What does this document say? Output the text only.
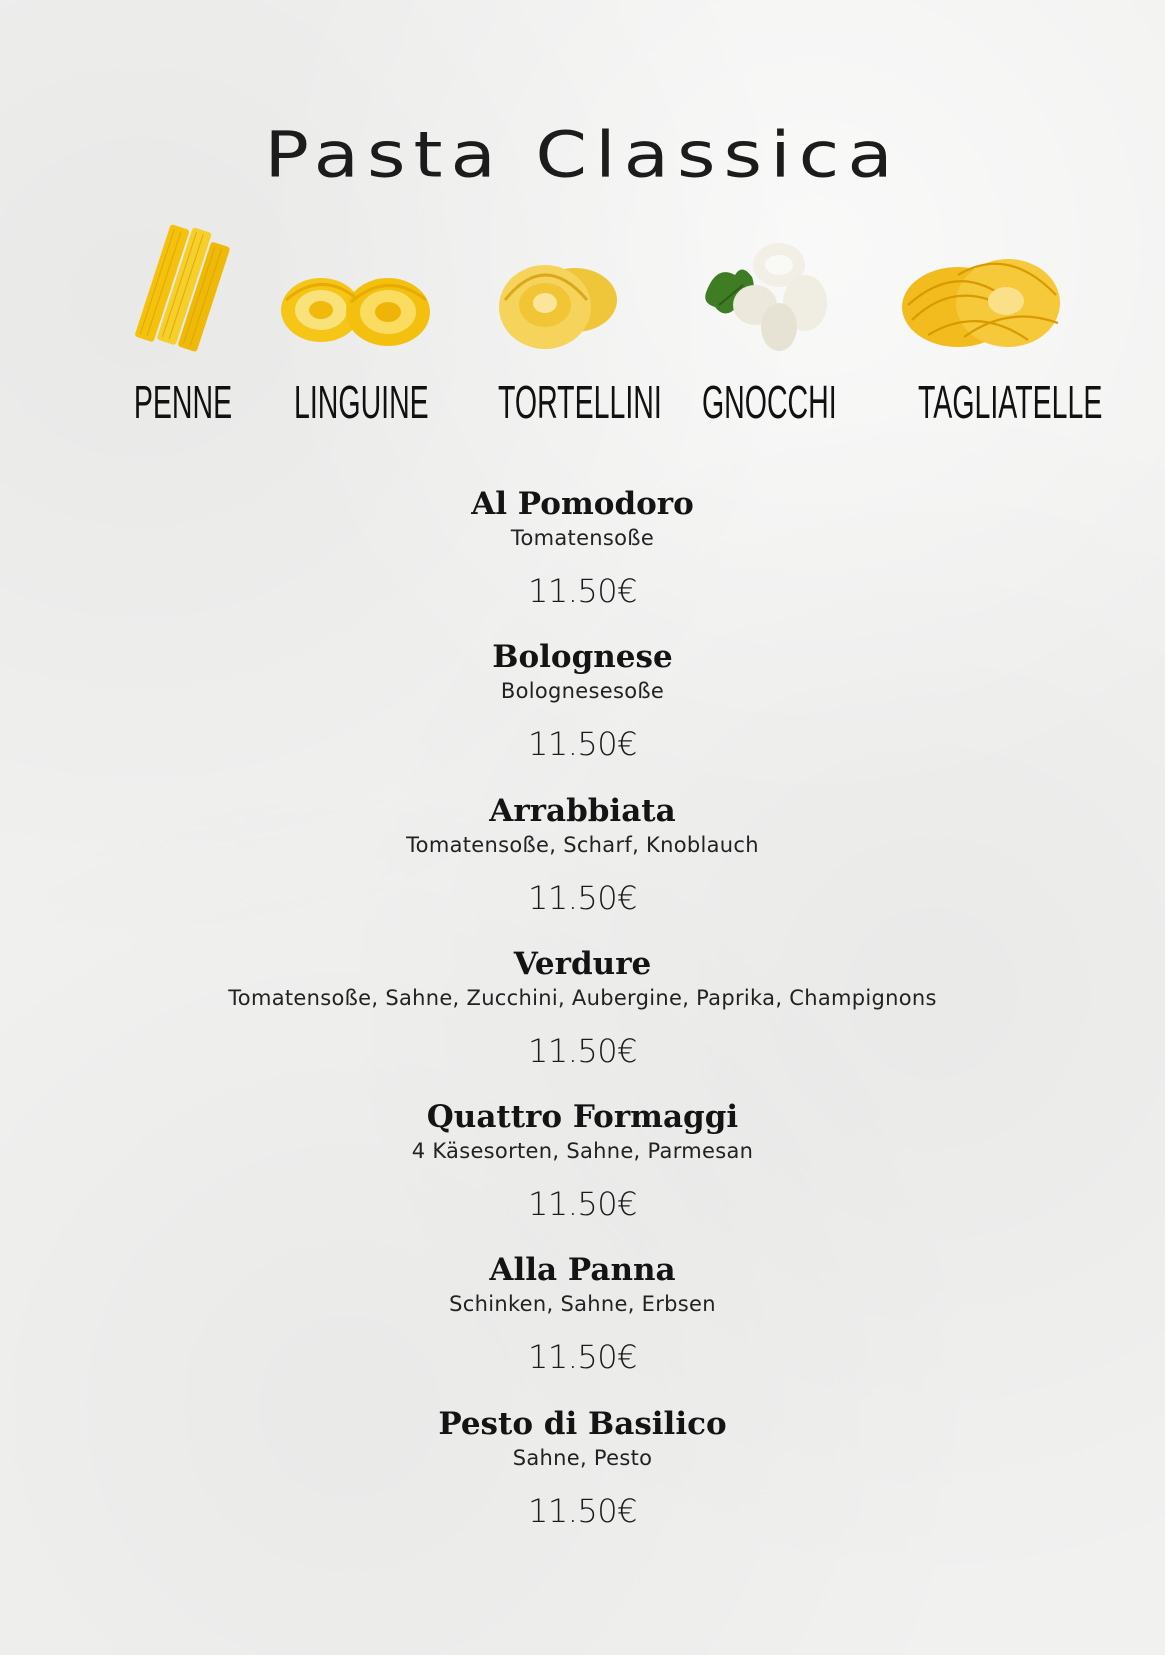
Pasta Classica
PENNE LINGUINE TORTELLINI GNOCCHI TAGLIATELLE
Al Pomodoro
Tomatensoße
11.50€
Bolognese
Bolognesesoße
11.50€
Arrabbiata
Tomatensoße, Scharf, Knoblauch
11.50€
Verdure
Tomatensoße, Sahne, Zucchini, Aubergine, Paprika, Champignons
11.50€
Quattro Formaggi
4 Käsesorten, Sahne, Parmesan
11.50€
Alla Panna
Schinken, Sahne, Erbsen
11.50€
Pesto di Basilico
Sahne, Pesto
11.50€
